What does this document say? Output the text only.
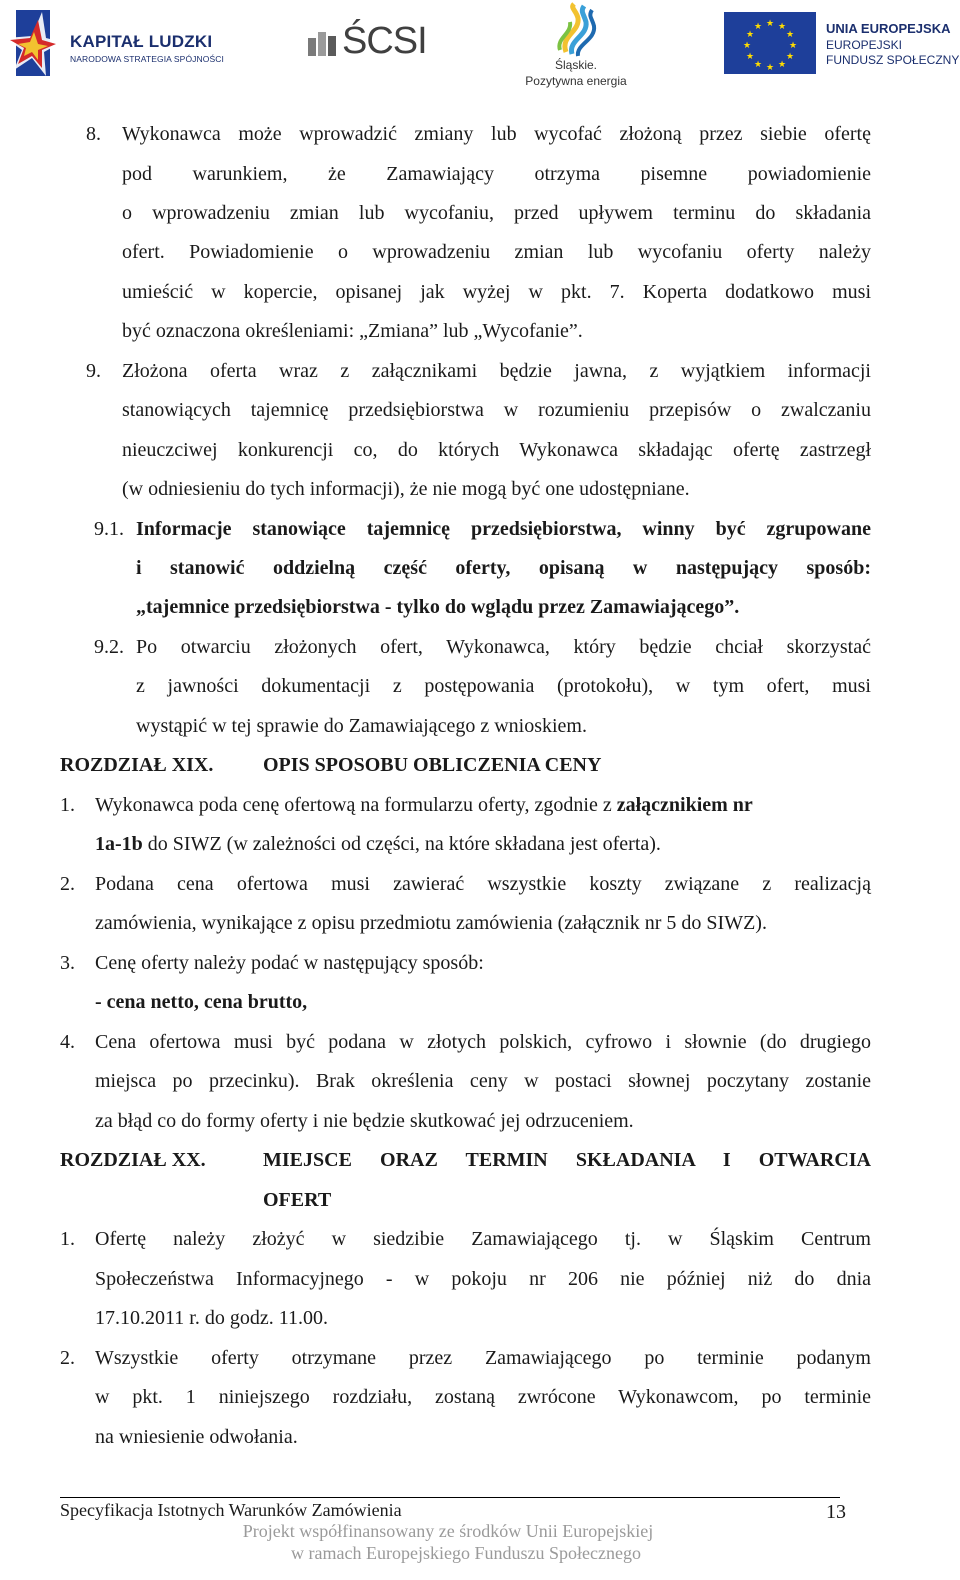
KAPITAŁ LUDZKI
NARODOWA STRATEGIA SPÓJNOŚCI	ŚCSI
Śląskie.
Pozytywna energia
★ ★
★
★
★
★
★
★
★
★
★
★	UNIA EUROPEJSKA
EUROPEJSKI
FUNDUSZ SPOŁECZNY
8. Wykonawca może wprowadzić zmiany lub wycofać złożoną przez siebie ofertę
pod warunkiem, że Zamawiający otrzyma pisemne powiadomienie
o wprowadzeniu zmian lub wycofaniu, przed upływem terminu do składania
ofert. Powiadomienie o wprowadzeniu zmian lub wycofaniu oferty należy
umieścić w kopercie, opisanej jak wyżej w pkt. 7. Koperta dodatkowo musi
być oznaczona określeniami: „Zmiana” lub „Wycofanie”.
9. Złożona oferta wraz z załącznikami będzie jawna, z wyjątkiem informacji
stanowiących tajemnicę przedsiębiorstwa w rozumieniu przepisów o zwalczaniu
nieuczciwej konkurencji co, do których Wykonawca składając ofertę zastrzegł
(w odniesieniu do tych informacji), że nie mogą być one udostępniane.
9.1. Informacje stanowiące tajemnicę przedsiębiorstwa, winny być zgrupowane
i stanowić oddzielną część oferty, opisaną w następujący sposób:
„tajemnice przedsiębiorstwa - tylko do wglądu przez Zamawiającego”.
9.2. Po otwarciu złożonych ofert, Wykonawca, który będzie chciał skorzystać
z jawności dokumentacji z postępowania (protokołu), w tym ofert, musi
wystąpić w tej sprawie do Zamawiającego z wnioskiem.
ROZDZIAŁ XIX. OPIS SPOSOBU OBLICZENIA CENY
1. Wykonawca poda cenę ofertową na formularzu oferty, zgodnie z załącznikiem nr
1a-1b do SIWZ (w zależności od części, na które składana jest oferta).
2. Podana cena ofertowa musi zawierać wszystkie koszty związane z realizacją
zamówienia, wynikające z opisu przedmiotu zamówienia (załącznik nr 5 do SIWZ).
3. Cenę oferty należy podać w następujący sposób:
- cena netto, cena brutto,
4. Cena ofertowa musi być podana w złotych polskich, cyfrowo i słownie (do drugiego
miejsca po przecinku). Brak określenia ceny w postaci słownej poczytany zostanie
za błąd co do formy oferty i nie będzie skutkować jej odrzuceniem.
ROZDZIAŁ XX.	MIEJSCE ORAZ TERMIN SKŁADANIA I OTWARCIA
OFERT
1. Ofertę należy złożyć w siedzibie Zamawiającego tj. w Śląskim Centrum
Społeczeństwa Informacyjnego - w pokoju nr 206 nie później niż do dnia
17.10.2011 r. do godz. 11.00.
2. Wszystkie oferty otrzymane przez Zamawiającego po terminie podanym
w pkt. 1 niniejszego rozdziału, zostaną zwrócone Wykonawcom, po terminie
na wniesienie odwołania.
Specyfikacja Istotnych Warunków Zamówienia	13
Projekt współfinansowany ze środków Unii Europejskiej
w ramach Europejskiego Funduszu Społecznego
